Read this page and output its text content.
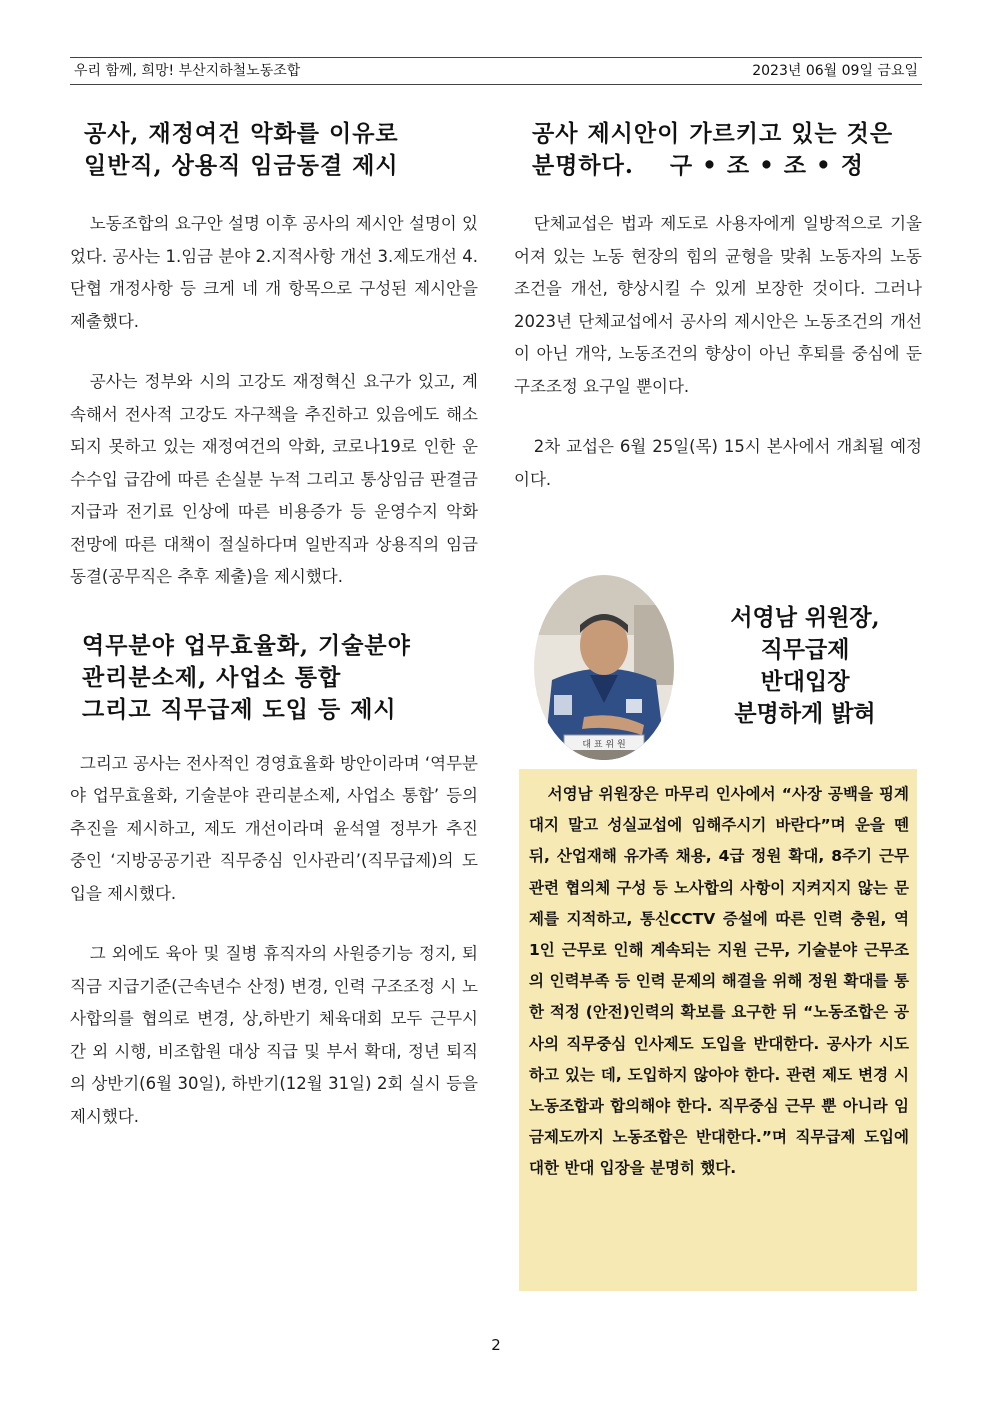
우리 함께, 희망! 부산지하철노동조합	2023년 06월 09일 금요일
공사, 재정여건 악화를 이유로
일반직, 상용직 임금동결 제시

노동조합의 요구안 설명 이후 공사의 제시안 설명이 있었다. 공사는 1.임금 분야 2.지적사항 개선 3.제도개선 4.단협 개정사항 등 크게 네 개 항목으로 구성된 제시안을 제출했다.

공사는 정부와 시의 고강도 재정혁신 요구가 있고, 계속해서 전사적 고강도 자구책을 추진하고 있음에도 해소되지 못하고 있는 재정여건의 악화, 코로나19로 인한 운수수입 급감에 따른 손실분 누적 그리고 통상임금 판결금 지급과 전기료 인상에 따른 비용증가 등 운영수지 악화 전망에 따른 대책이 절실하다며 일반직과 상용직의 임금 동결(공무직은 추후 제출)을 제시했다.

역무분야 업무효율화, 기술분야
관리분소제, 사업소 통합
그리고 직무급제 도입 등 제시

그리고 공사는 전사적인 경영효율화 방안이라며 ‘역무분야 업무효율화, 기술분야 관리분소제, 사업소 통합’ 등의 추진을 제시하고, 제도 개선이라며 윤석열 정부가 추진 중인 ‘지방공공기관 직무중심 인사관리’(직무급제)의 도입을 제시했다.

그 외에도 육아 및 질병 휴직자의 사원증기능 정지, 퇴직금 지급기준(근속년수 산정) 변경, 인력 구조조정 시 노사합의를 협의로 변경, 상,하반기 체육대회 모두 근무시간 외 시행, 비조합원 대상 직급 및 부서 확대, 정년 퇴직의 상반기(6월 30일), 하반기(12월 31일) 2회 실시 등을 제시했다.

공사 제시안이 가르키고 있는 것은
분명하다.    구 • 조 • 조 • 정

단체교섭은 법과 제도로 사용자에게 일방적으로 기울어져 있는 노동 현장의 힘의 균형을 맞춰 노동자의 노동조건을 개선, 향상시킬 수 있게 보장한 것이다. 그러나 2023년 단체교섭에서 공사의 제시안은 노동조건의 개선이 아닌 개악, 노동조건의 향상이 아닌 후퇴를 중심에 둔 구조조정 요구일 뿐이다.

2차 교섭은 6월 25일(목) 15시 본사에서 개최될 예정이다.

대 표 위 원
서영남 위원장,
직무급제
반대입장
분명하게 밝혀

서영남 위원장은 마무리 인사에서 “사장 공백을 핑계대지 말고 성실교섭에 임해주시기 바란다”며 운을 뗀 뒤, 산업재해 유가족 채용, 4급 정원 확대, 8주기 근무 관련 협의체 구성 등 노사합의 사항이 지켜지지 않는 문제를 지적하고, 통신CCTV 증설에 따른 인력 충원, 역 1인 근무로 인해 계속되는 지원 근무, 기술분야 근무조의 인력부족 등 인력 문제의 해결을 위해 정원 확대를 통한 적정 (안전)인력의 확보를 요구한 뒤 “노동조합은 공사의 직무중심 인사제도 도입을 반대한다. 공사가 시도하고 있는 데, 도입하지 않아야 한다. 관련 제도 변경 시 노동조합과 합의해야 한다. 직무중심 근무 뿐 아니라 임금제도까지 노동조합은 반대한다.”며 직무급제 도입에 대한 반대 입장을 분명히 했다.

2
